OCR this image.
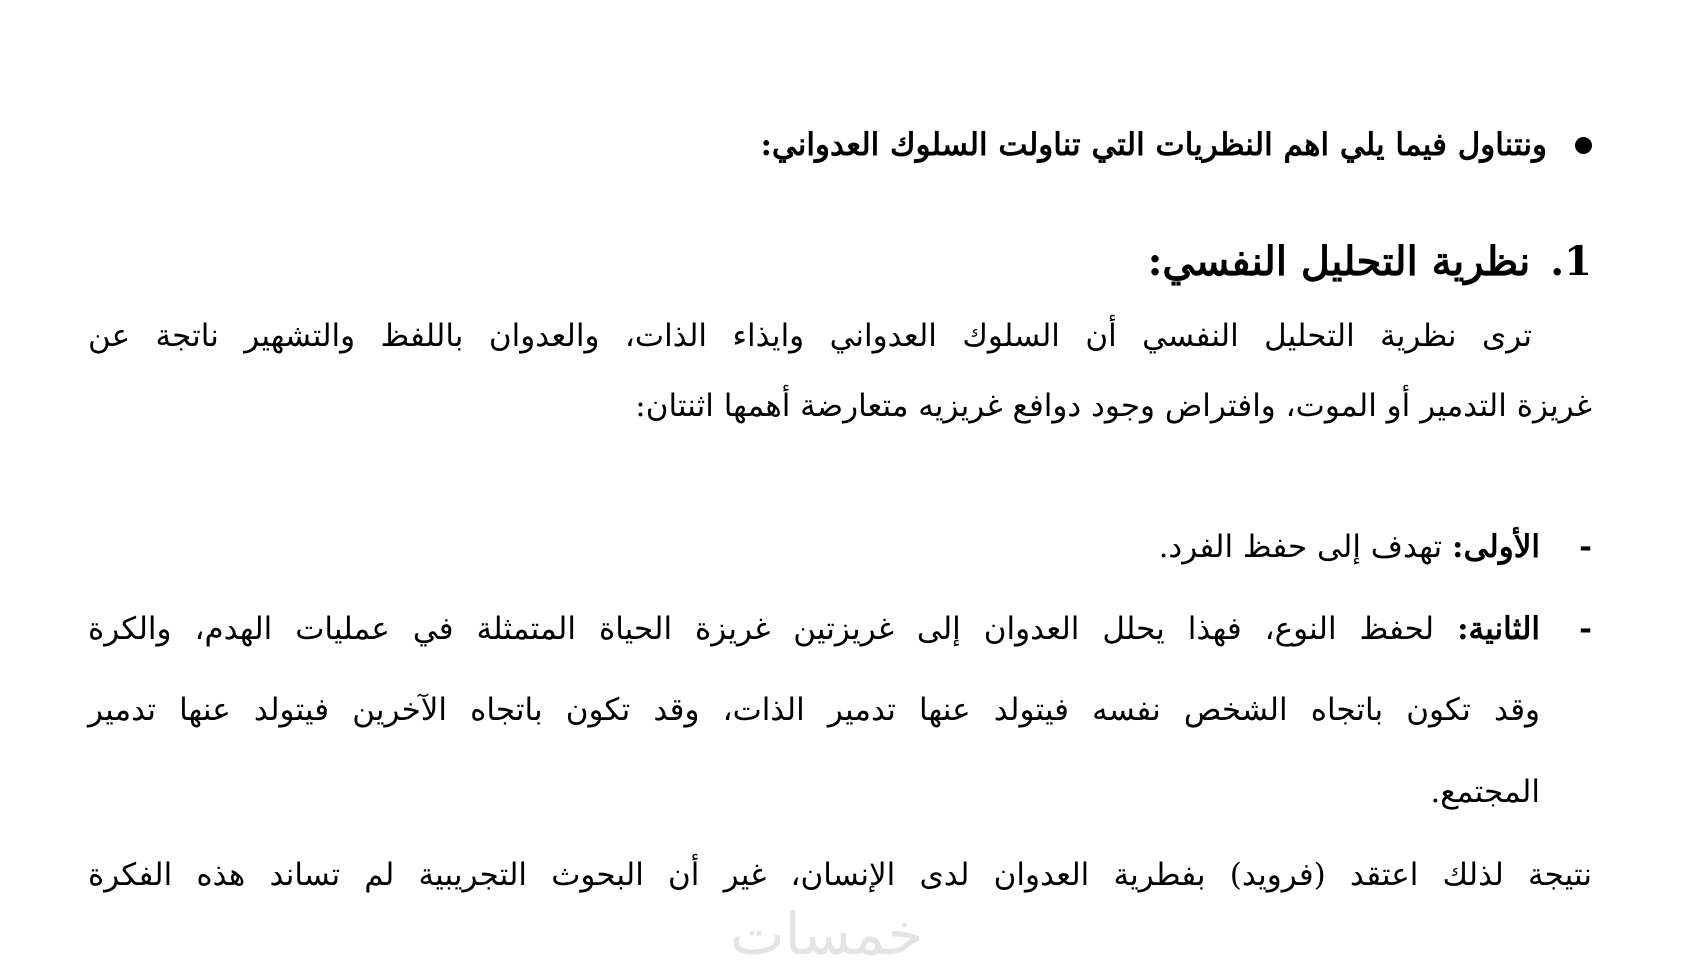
ونتناول فيما يلي اهم النظريات التي تناولت السلوك العدواني:
1.
نظرية التحليل النفسي:
ترى نظرية التحليل النفسي أن السلوك العدواني وايذاء الذات، والعدوان باللفظ والتشهير ناتجة عن
غريزة التدمير أو الموت، وافتراض وجود دوافع غريزيه متعارضة أهمها اثنتان:
-
الأولى: تهدف إلى حفظ الفرد.
-
الثانية: لحفظ النوع، فهذا يحلل العدوان إلى غريزتين غريزة الحياة المتمثلة في عمليات الهدم، والكرة
وقد تكون باتجاه الشخص نفسه فيتولد عنها تدمير الذات، وقد تكون باتجاه الآخرين فيتولد عنها تدمير
المجتمع.
نتيجة لذلك اعتقد (فرويد) بفطرية العدوان لدى الإنسان، غير أن البحوث التجريبية لم تساند هذه الفكرة
خمسات
